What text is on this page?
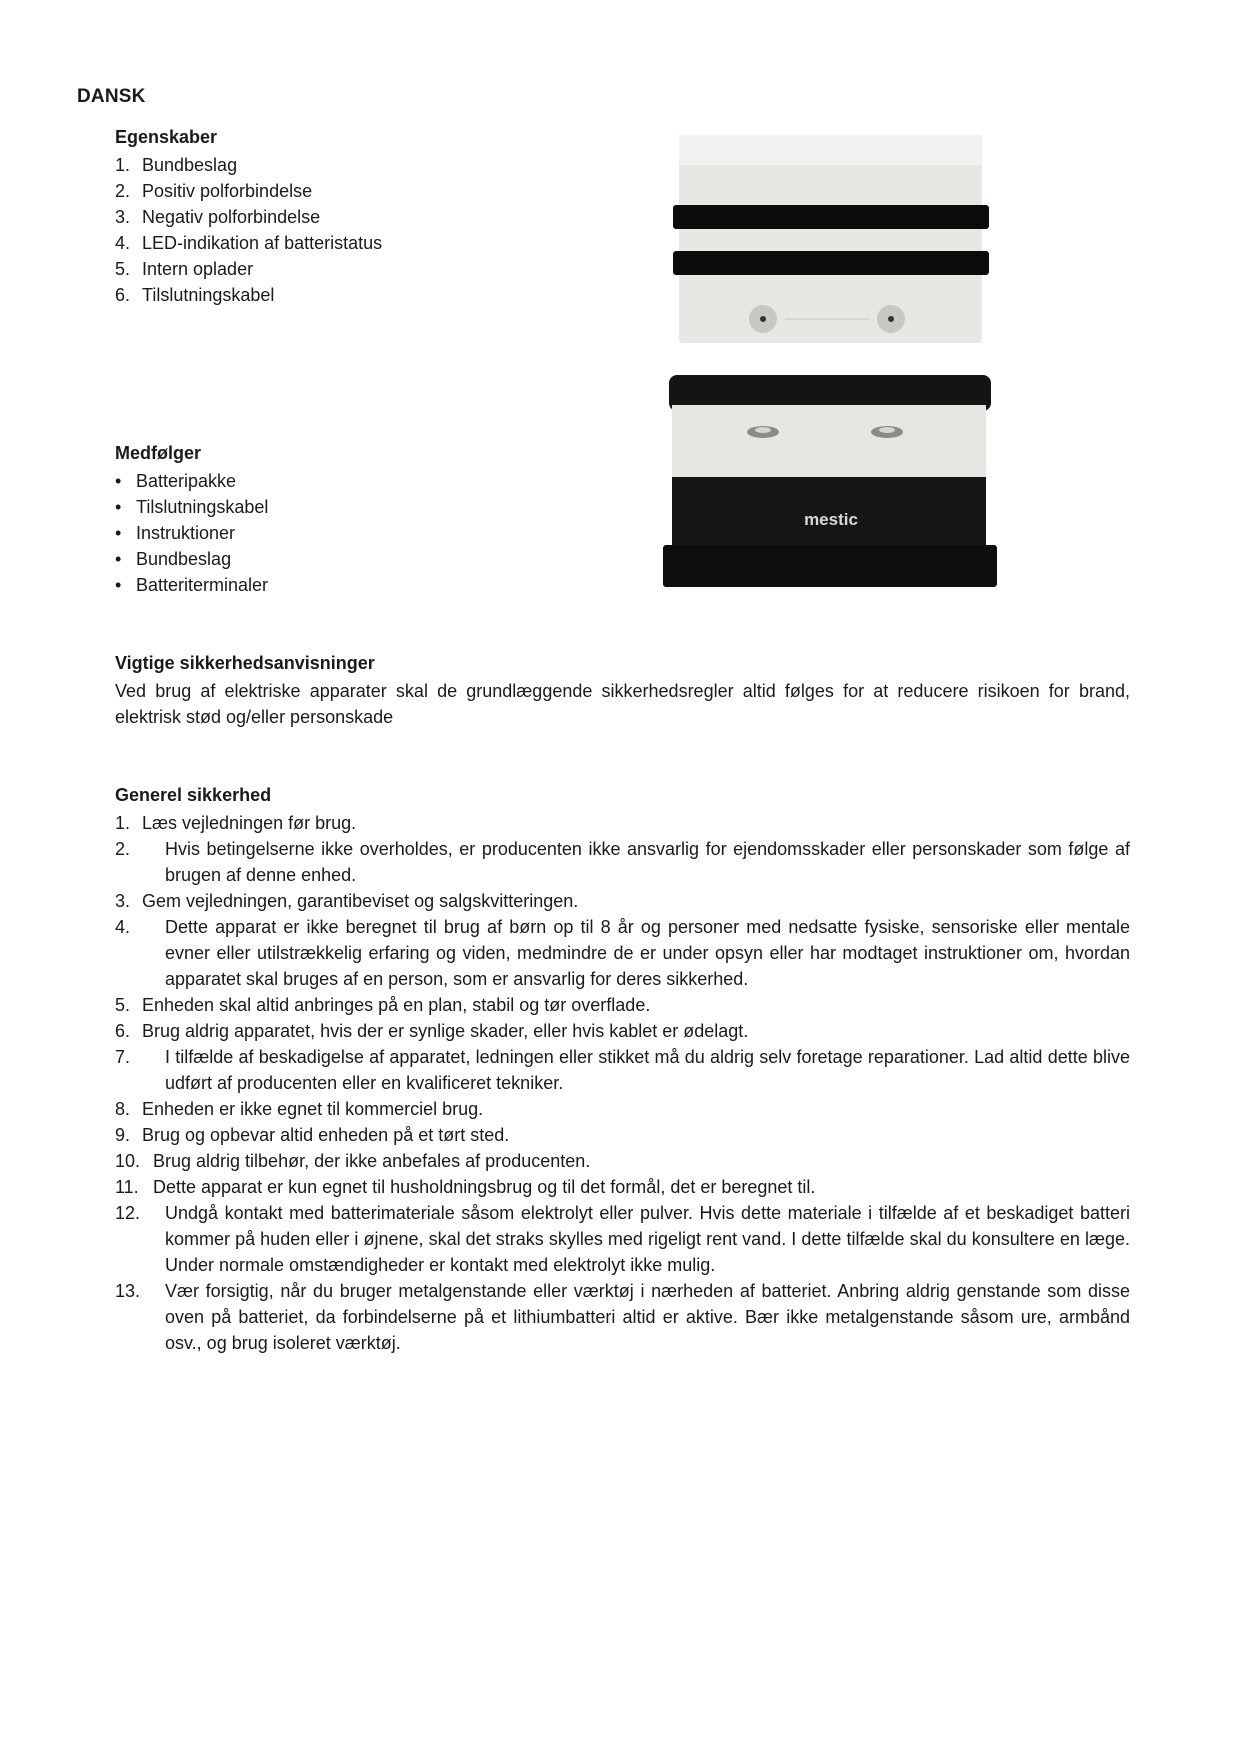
DANSK
Egenskaber
1. Bundbeslag
2. Positiv polforbindelse
3. Negativ polforbindelse
4. LED-indikation af batteristatus
5. Intern oplader
6. Tilslutningskabel
Medfølger
• Batteripakke
• Tilslutningskabel
• Instruktioner
• Bundbeslag
• Batteriterminaler
mestic
Vigtige sikkerhedsanvisninger

Ved brug af elektriske apparater skal de grundlæggende sikkerhedsregler altid følges for at reducere risikoen for brand, elektrisk stød og/eller personskade

Generel sikkerhed
1. Læs vejledningen før brug.
2.	Hvis betingelserne ikke overholdes, er producenten ikke ansvarlig for ejendomsskader eller personskader som følge af brugen af denne enhed.
3. Gem vejledningen, garantibeviset og salgskvitteringen.
4.	Dette apparat er ikke beregnet til brug af børn op til 8 år og personer med nedsatte fysiske, sensoriske eller mentale evner eller utilstrækkelig erfaring og viden, medmindre de er under opsyn eller har modtaget instruktioner om, hvordan apparatet skal bruges af en person, som er ansvarlig for deres sikkerhed.
5. Enheden skal altid anbringes på en plan, stabil og tør overflade.
6. Brug aldrig apparatet, hvis der er synlige skader, eller hvis kablet er ødelagt.
7.	I tilfælde af beskadigelse af apparatet, ledningen eller stikket må du aldrig selv foretage reparationer. Lad altid dette blive udført af producenten eller en kvalificeret tekniker.
8. Enheden er ikke egnet til kommerciel brug.
9. Brug og opbevar altid enheden på et tørt sted.
10. Brug aldrig tilbehør, der ikke anbefales af producenten.
11. Dette apparat er kun egnet til husholdningsbrug og til det formål, det er beregnet til.
12.	Undgå kontakt med batterimateriale såsom elektrolyt eller pulver. Hvis dette materiale i tilfælde af et beskadiget batteri kommer på huden eller i øjnene, skal det straks skylles med rigeligt rent vand. I dette tilfælde skal du konsultere en læge. Under normale omstændigheder er kontakt med elektrolyt ikke mulig.
13.	Vær forsigtig, når du bruger metalgenstande eller værktøj i nærheden af batteriet. Anbring aldrig genstande som disse oven på batteriet, da forbindelserne på et lithiumbatteri altid er aktive. Bær ikke metalgenstande såsom ure, armbånd osv., og brug isoleret værktøj.
